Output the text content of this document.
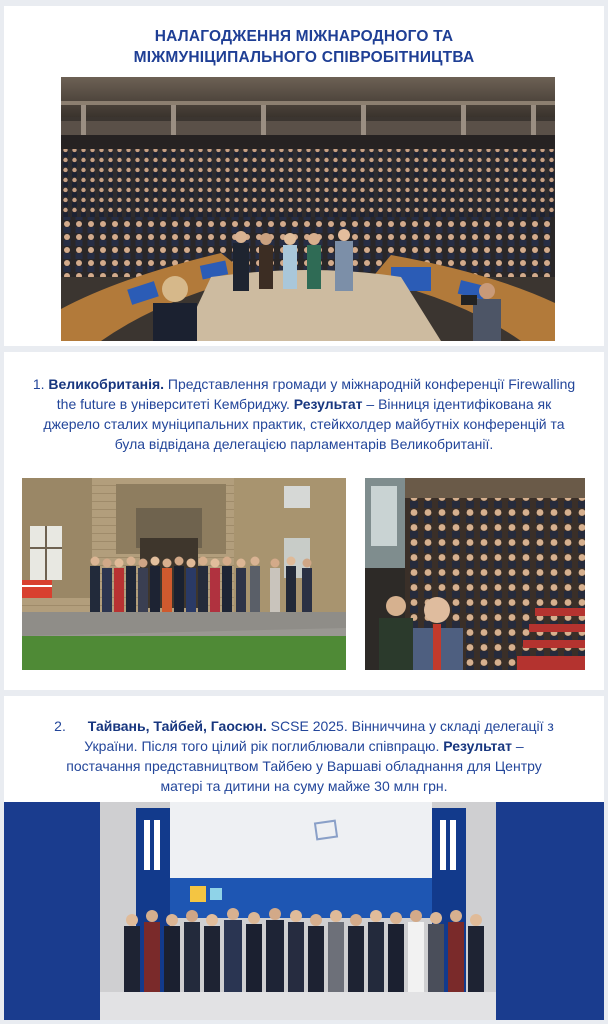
НАЛАГОДЖЕННЯ МІЖНАРОДНОГО ТА
МІЖМУНІЦИПАЛЬНОГО СПІВРОБІТНИЦТВА
1. Великобританія. Представлення громади у міжнародній конференції Firewalling
the future в університеті Кембриджу. Результат – Вінниця ідентифікована як
джерело сталих муніципальних практик, стейкхолдер майбутніх конференцій та
була відвідана делегацією парламентарів Великобританії.
2. Тайвань, Тайбей, Гаосюн. SCSE 2025. Вінниччина у складі делегації з
України. Після того цілий рік поглиблювали співпрацю. Результат –
постачання представництвом Тайбею у Варшаві обладнання для Центру
матері та дитини на суму майже 30 млн грн.
